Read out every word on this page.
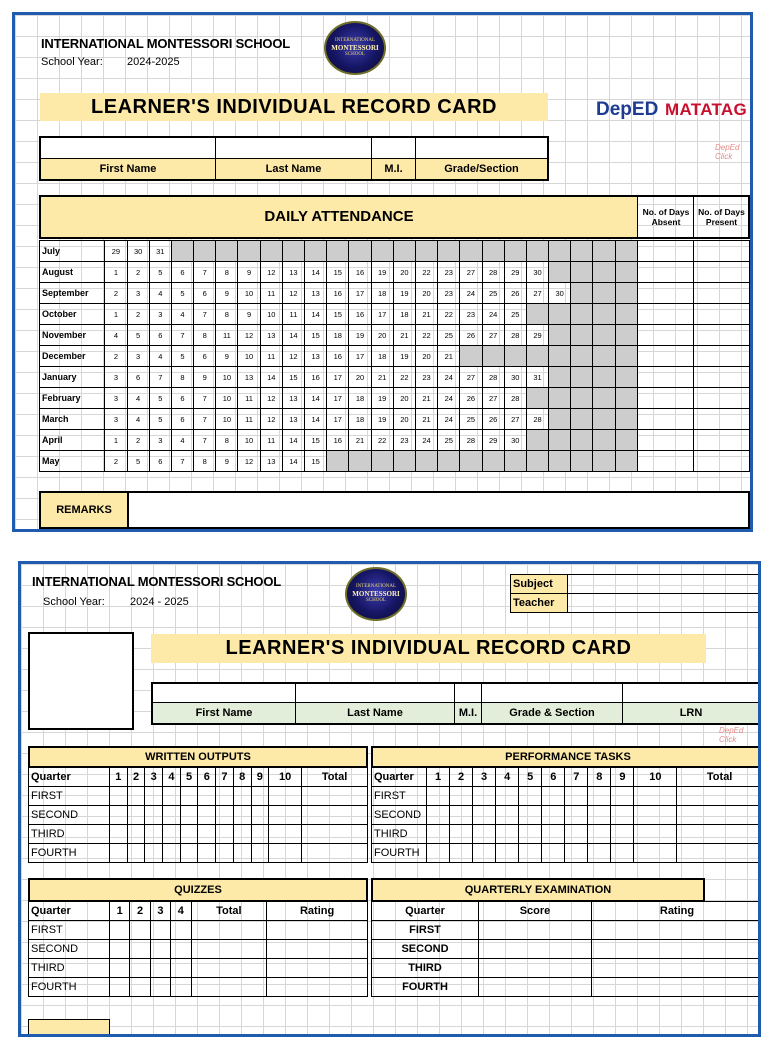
INTERNATIONAL MONTESSORI SCHOOL
School Year: 2024-2025
INTERNATIONAL
MONTESSORI
SCHOOL
LEARNER'S INDIVIDUAL RECORD CARD	DepED MATATAG
DepEd Click

First Name	Last Name	M.I.	Grade/Section
DAILY ATTENDANCE	No. of Days Absent
No. of Days Present
July	29	30	31																							
August	1	2	5	6	7	8	9	12	13	14	15	16	19	20	22	23	27	28	29	30						
September	2	3	4	5	6	9	10	11	12	13	16	17	18	19	20	23	24	25	26	27	30					
October	1	2	3	4	7	8	9	10	11	14	15	16	17	18	21	22	23	24	25							
November	4	5	6	7	8	11	12	13	14	15	18	19	20	21	22	25	26	27	28	29						
December	2	3	4	5	6	9	10	11	12	13	16	17	18	19	20	21										
January	3	6	7	8	9	10	13	14	15	16	17	20	21	22	23	24	27	28	30	31						
February	3	4	5	6	7	10	11	12	13	14	17	18	19	20	21	24	26	27	28							
March	3	4	5	6	7	10	11	12	13	14	17	18	19	20	21	24	25	26	27	28						
April	1	2	3	4	7	8	10	11	14	15	16	21	22	23	24	25	28	29	30							
May	2	5	6	7	8	9	12	13	14	15																
REMARKS
INTERNATIONAL MONTESSORI SCHOOL
School Year: 2024 - 2025
INTERNATIONAL
MONTESSORI
SCHOOL
Subject	
Teacher	
LEARNER'S INDIVIDUAL RECORD CARD
DepEd Click

First Name	Last Name	M.I.	Grade & Section	LRN
WRITTEN OUTPUTS	PERFORMANCE TASKS
Quarter	1	2	3	4	5	6	7	8	9	10	Total
FIRST											
SECOND											
THIRD											
FOURTH											
Quarter	1	2	3	4	5	6	7	8	9	10	Total
FIRST											
SECOND											
THIRD											
FOURTH											
QUIZZES	QUARTERLY EXAMINATION
Quarter	1	2	3	4	Total	Rating
FIRST						
SECOND						
THIRD						
FOURTH						
Quarter	Score	Rating
FIRST		
SECOND		
THIRD		
FOURTH		
